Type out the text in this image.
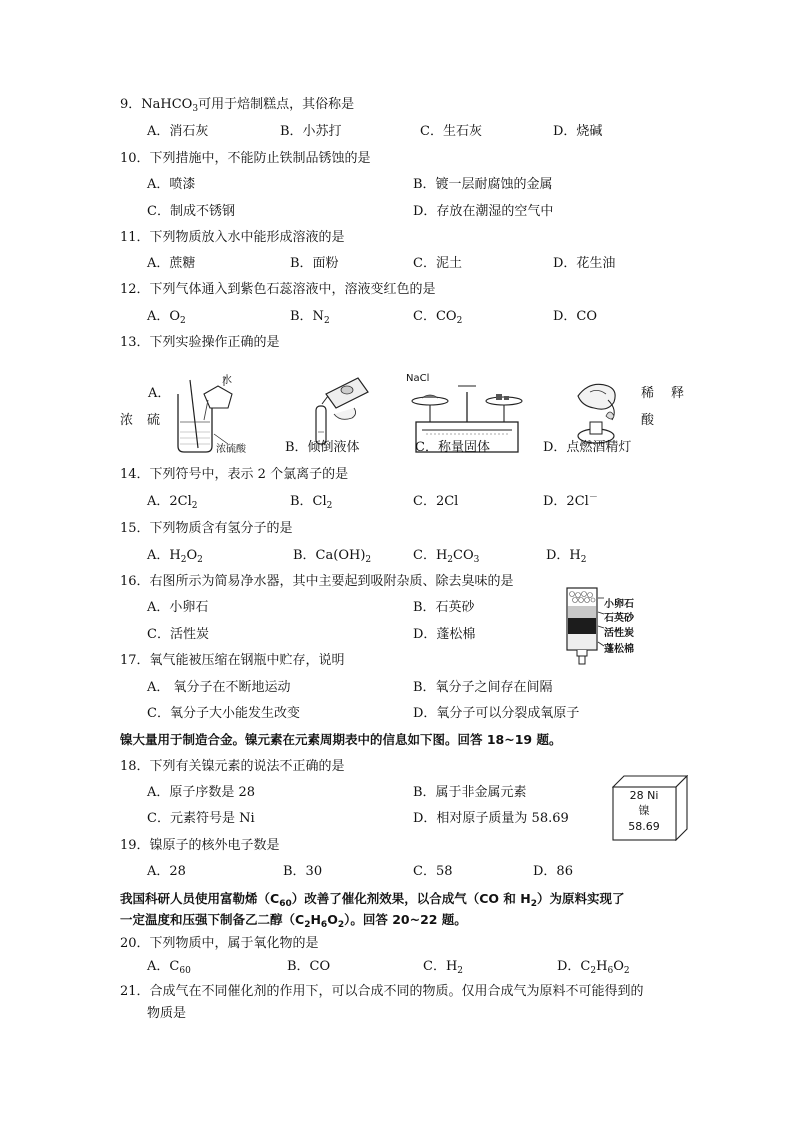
9．NaHCO$_3$可用于焙制糕点，其俗称是
A．消石灰	B．小苏打	C．生石灰	D．烧碱
10．下列措施中，不能防止铁制品锈蚀的是
A．喷漆	B．镀一层耐腐蚀的金属
C．制成不锈钢	D．存放在潮湿的空气中
11．下列物质放入水中能形成溶液的是
A．蔗糖	B．面粉	C．泥土	D．花生油
12．下列气体通入到紫色石蕊溶液中，溶液变红色的是
A．$O_2$	B．$N_2$	C．$CO_2$	D．CO
13．下列实验操作正确的是
A．
浓 硫
稀　释
酸
水
浓硫酸	B．倾倒液体
NaCl
C．称量固体	D．点燃酒精灯
14．下列符号中，表示 2 个氯离子的是
A．$2Cl_2$	B．$Cl_2$	C．2Cl	D．2Cl－
15．下列物质含有氢分子的是
A．$H_2O_2$	B．$Ca(OH)_2$	C．$H_2CO_3$	D．$H_2$
16．右图所示为简易净水器，其中主要起到吸附杂质、除去臭味的是
A．小卵石	B．石英砂
C．活性炭	D．蓬松棉
小卵石
石英砂
活性炭
蓬松棉
17．氧气能被压缩在钢瓶中贮存，说明
A． 氧分子在不断地运动	B．氧分子之间存在间隔
C．氧分子大小能发生改变	D．氧分子可以分裂成氧原子
镍大量用于制造合金。镍元素在元素周期表中的信息如下图。回答 18~19 题。
18．下列有关镍元素的说法不正确的是
A．原子序数是 28	B．属于非金属元素
C．元素符号是 Ni	D．相对原子质量为 58.69
28 Ni
镍
58.69
19．镍原子的核外电子数是
A．28	B．30	C．58	D．86
我国科研人员使用富勒烯$(C_{60})$改善了催化剂效果，以合成气（CO 和 $H_2$）为原料实现了
一定温度和压强下制备乙二醇$(C_2H_6O_2)$。回答 20~22 题。
20．下列物质中，属于氧化物的是
A．$C_{60}$	B．CO	C．$H_2$	D．$C_2H_6O_2$
21．合成气在不同催化剂的作用下，可以合成不同的物质。仅用合成气为原料不可能得到的
物质是
